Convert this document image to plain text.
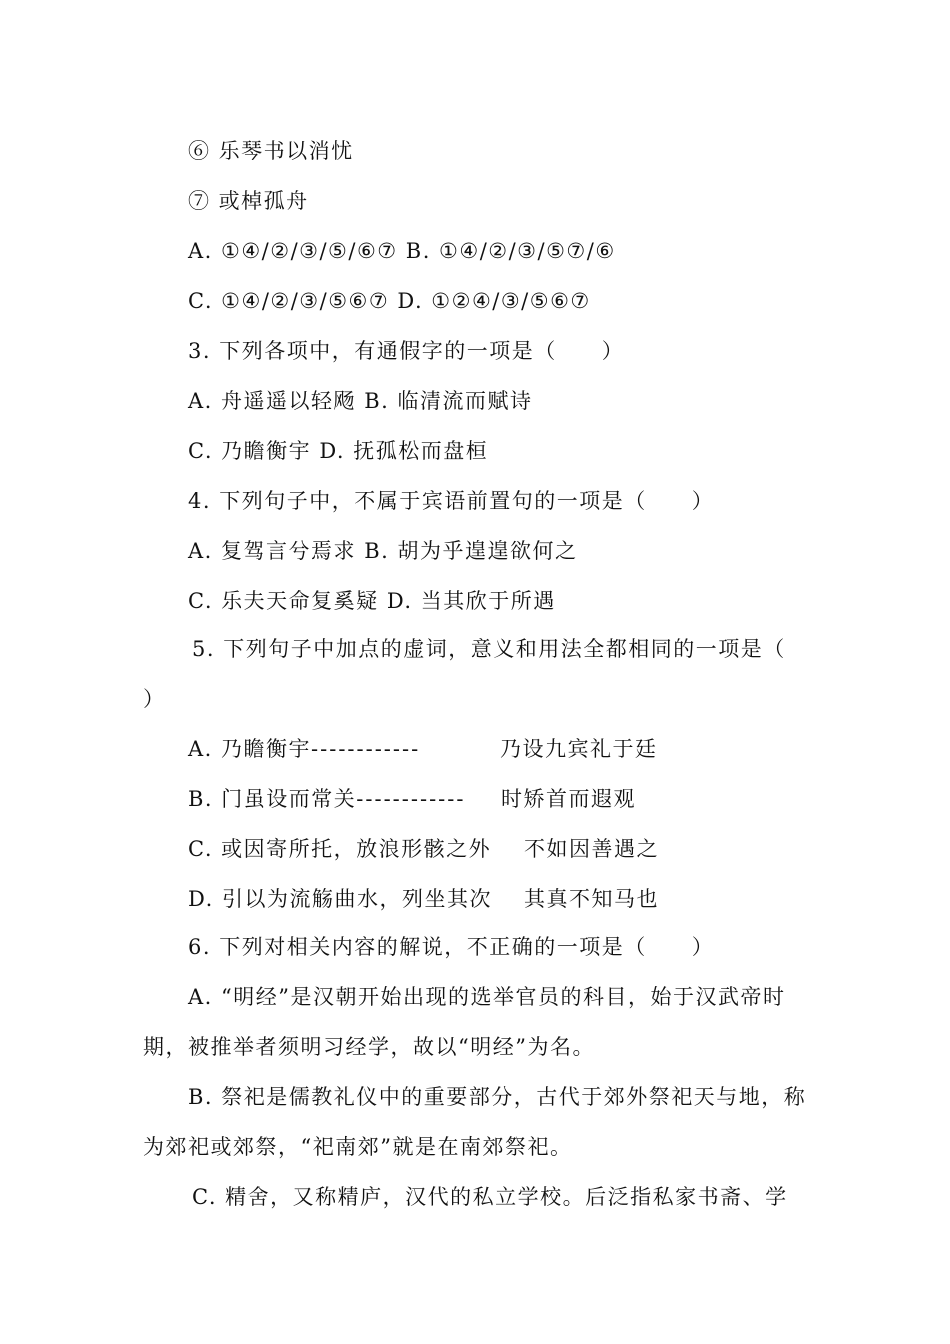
⑥ 乐琴书以消忧
⑦ 或棹孤舟
A. ①④/②/③/⑤/⑥⑦ B. ①④/②/③/⑤⑦/⑥
C. ①④/②/③/⑤⑥⑦ D. ①②④/③/⑤⑥⑦
3. 下列各项中，有通假字的一项是（　　）
A. 舟遥遥以轻飏 B. 临清流而赋诗
C. 乃瞻衡宇 D. 抚孤松而盘桓
4. 下列句子中，不属于宾语前置句的一项是（　　）
A. 复驾言兮焉求 B. 胡为乎遑遑欲何之
C. 乐夫天命复奚疑 D. 当其欣于所遇
5. 下列句子中加点的虚词，意义和用法全都相同的一项是（
）
A. 乃瞻衡宇------------	乃设九宾礼于廷
B. 门虽设而常关------------ 时矫首而遐观
C. 或因寄所托，放浪形骸之外 不如因善遇之
D. 引以为流觞曲水，列坐其次 其真不知马也
6. 下列对相关内容的解说，不正确的一项是（　　）
A. “明经”是汉朝开始出现的选举官员的科目，始于汉武帝时
期，被推举者须明习经学，故以“明经”为名。
B. 祭祀是儒教礼仪中的重要部分，古代于郊外祭祀天与地，称
为郊祀或郊祭，“祀南郊”就是在南郊祭祀。
C. 精舍，又称精庐，汉代的私立学校。后泛指私家书斋、学
